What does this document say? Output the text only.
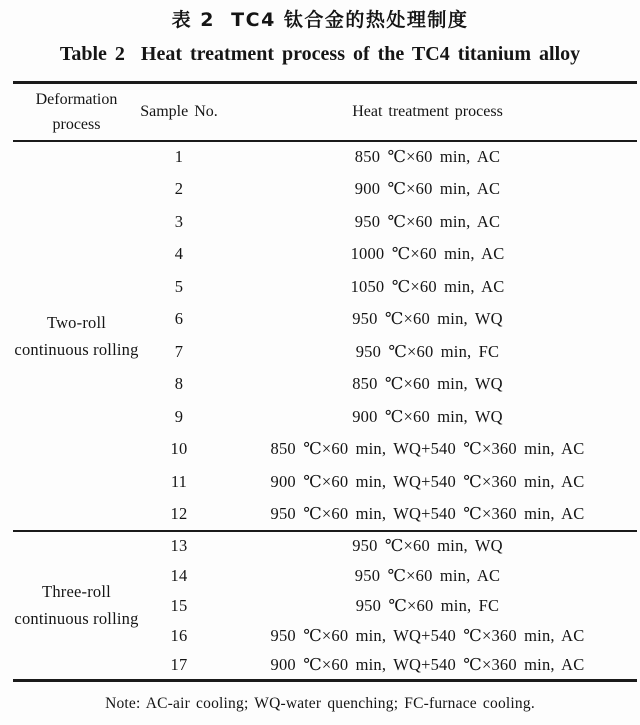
表 2  TC4 钛合金的热处理制度
Table 2  Heat treatment process of the TC4 titanium alloy
Deformation process	Sample No.	Heat treatment process
Two-roll continuous rolling	1	850 ℃×60 min, AC
	2	900 ℃×60 min, AC
	3	950 ℃×60 min, AC
	4	1000 ℃×60 min, AC
	5	1050 ℃×60 min, AC
	6	950 ℃×60 min, WQ
	7	950 ℃×60 min, FC
	8	850 ℃×60 min, WQ
	9	900 ℃×60 min, WQ
	10	850 ℃×60 min, WQ+540 ℃×360 min, AC
	11	900 ℃×60 min, WQ+540 ℃×360 min, AC
	12	950 ℃×60 min, WQ+540 ℃×360 min, AC
Three-roll continuous rolling	13	950 ℃×60 min, WQ
	14	950 ℃×60 min, AC
	15	950 ℃×60 min, FC
	16	950 ℃×60 min, WQ+540 ℃×360 min, AC
	17	900 ℃×60 min, WQ+540 ℃×360 min, AC
Note: AC-air cooling; WQ-water quenching; FC-furnace cooling.
